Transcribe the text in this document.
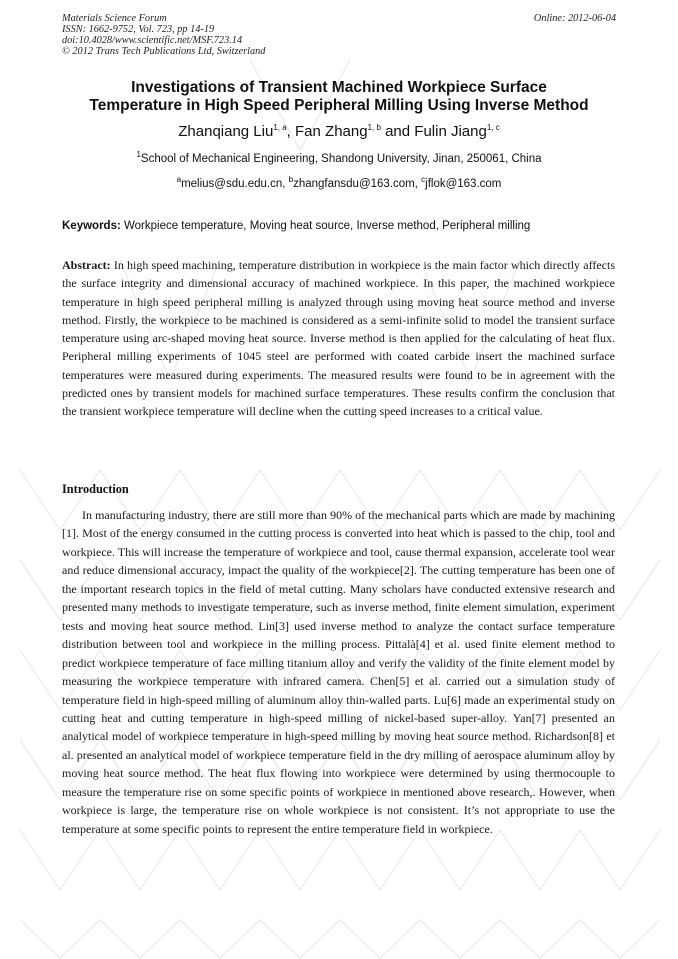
Materials Science Forum
ISSN: 1662-9752, Vol. 723, pp 14-19
doi:10.4028/www.scientific.net/MSF.723.14
© 2012 Trans Tech Publications Ltd, Switzerland
Online: 2012-06-04
Investigations of Transient Machined Workpiece Surface
Temperature in High Speed Peripheral Milling Using Inverse Method
Zhanqiang Liu$^{1, a}$, Fan Zhang$^{1, b}$ and Fulin Jiang$^{1, c}$
$^1$School of Mechanical Engineering, Shandong University, Jinan, 250061, China
$^a$melius@sdu.edu.cn, $^b$zhangfansdu@163.com, $^c$jflok@163.com
Keywords: Workpiece temperature, Moving heat source, Inverse method, Peripheral milling
Abstract: In high speed machining, temperature distribution in workpiece is the main factor which directly affects the surface integrity and dimensional accuracy of machined workpiece. In this paper, the machined workpiece temperature in high speed peripheral milling is analyzed through using moving heat source method and inverse method. Firstly, the workpiece to be machined is considered as a semi-infinite solid to model the transient surface temperature using arc-shaped moving heat source. Inverse method is then applied for the calculating of heat flux. Peripheral milling experiments of 1045 steel are performed with coated carbide insert the machined surface temperatures were measured during experiments. The measured results were found to be in agreement with the predicted ones by transient models for machined surface temperatures. These results confirm the conclusion that the transient workpiece temperature will decline when the cutting speed increases to a critical value.
Introduction

In manufacturing industry, there are still more than 90% of the mechanical parts which are made by machining [1]. Most of the energy consumed in the cutting process is converted into heat which is passed to the chip, tool and workpiece. This will increase the temperature of workpiece and tool, cause thermal expansion, accelerate tool wear and reduce dimensional accuracy, impact the quality of the workpiece[2]. The cutting temperature has been one of the important research topics in the field of metal cutting. Many scholars have conducted extensive research and presented many methods to investigate temperature, such as inverse method, finite element simulation, experiment tests and moving heat source method. Lin[3] used inverse method to analyze the contact surface temperature distribution between tool and workpiece in the milling process. Pittalà[4] et al. used finite element method to predict workpiece temperature of face milling titanium alloy and verify the validity of the finite element model by measuring the workpiece temperature with infrared camera. Chen[5] et al. carried out a simulation study of temperature field in high-speed milling of aluminum alloy thin-walled parts. Lu[6] made an experimental study on cutting heat and cutting temperature in high-speed milling of nickel-based super-alloy. Yan[7] presented an analytical model of workpiece temperature in high-speed milling by moving heat source method. Richardson[8] et al. presented an analytical model of workpiece temperature field in the dry milling of aerospace aluminum alloy by moving heat source method. The heat flux flowing into workpiece were determined by using thermocouple to measure the temperature rise on some specific points of workpiece in mentioned above research,. However, when workpiece is large, the temperature rise on whole workpiece is not consistent. It’s not appropriate to use the temperature at some specific points to represent the entire temperature field in workpiece.
